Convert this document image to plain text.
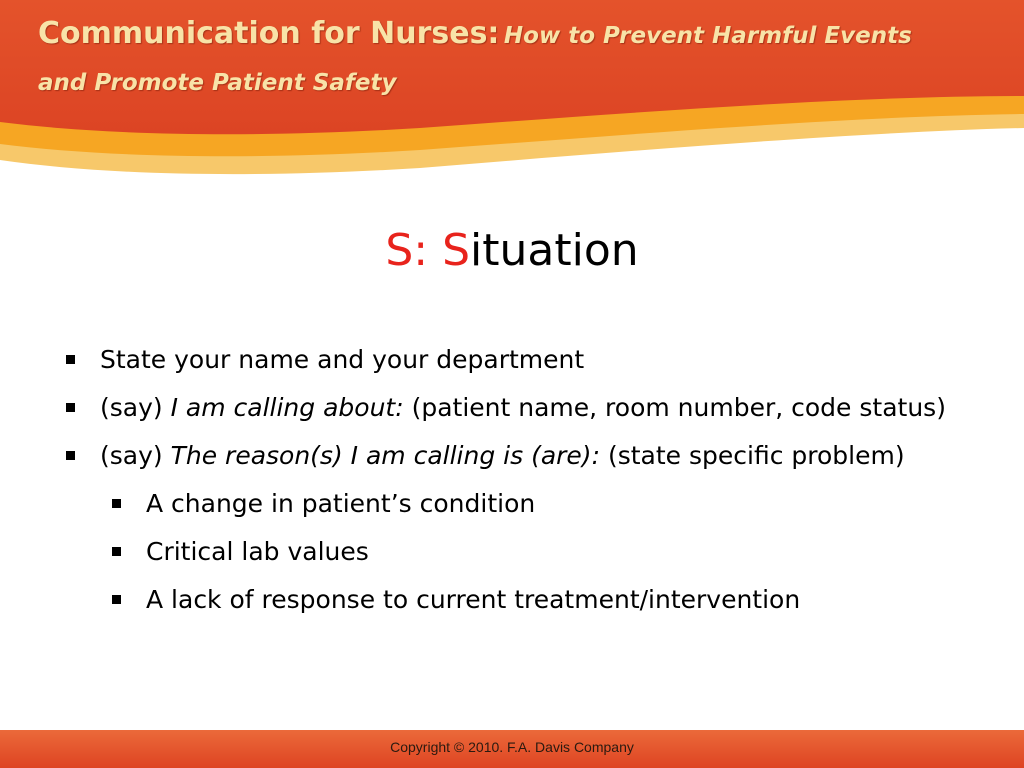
Communication for Nurses: How to Prevent Harmful Events
and Promote Patient Safety
S: Situation
State your name and your department
(say) I am calling about: (patient name, room number, code status)
(say) The reason(s) I am calling is (are): (state specific problem)
A change in patient’s condition
Critical lab values
A lack of response to current treatment/intervention
Copyright © 2010. F.A. Davis Company
